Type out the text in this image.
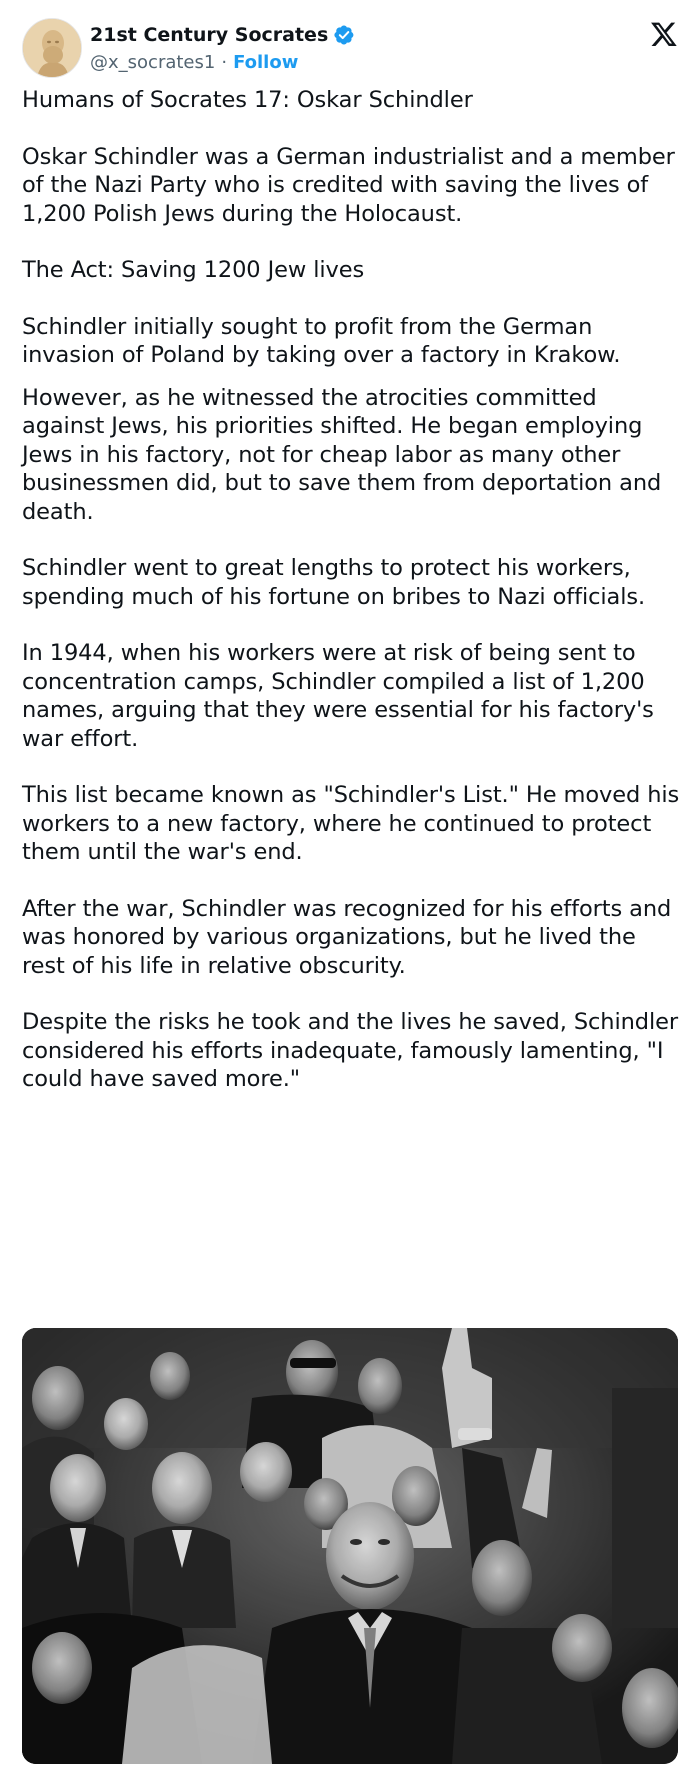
21st Century Socrates
@x_socrates1 · Follow

Humans of Socrates 17: Oskar Schindler

Oskar Schindler was a German industrialist and a member of the Nazi Party who is credited with saving the lives of 1,200 Polish Jews during the Holocaust.

The Act: Saving 1200 Jew lives

Schindler initially sought to profit from the German invasion of Poland by taking over a factory in Krakow.

However, as he witnessed the atrocities committed against Jews, his priorities shifted. He began employing Jews in his factory, not for cheap labor as many other businessmen did, but to save them from deportation and death.

Schindler went to great lengths to protect his workers, spending much of his fortune on bribes to Nazi officials.

In 1944, when his workers were at risk of being sent to concentration camps, Schindler compiled a list of 1,200 names, arguing that they were essential for his factory's war effort.

This list became known as "Schindler's List." He moved his workers to a new factory, where he continued to protect them until the war's end.

After the war, Schindler was recognized for his efforts and was honored by various organizations, but he lived the rest of his life in relative obscurity.

Despite the risks he took and the lives he saved, Schindler considered his efforts inadequate, famously lamenting, "I could have saved more."
